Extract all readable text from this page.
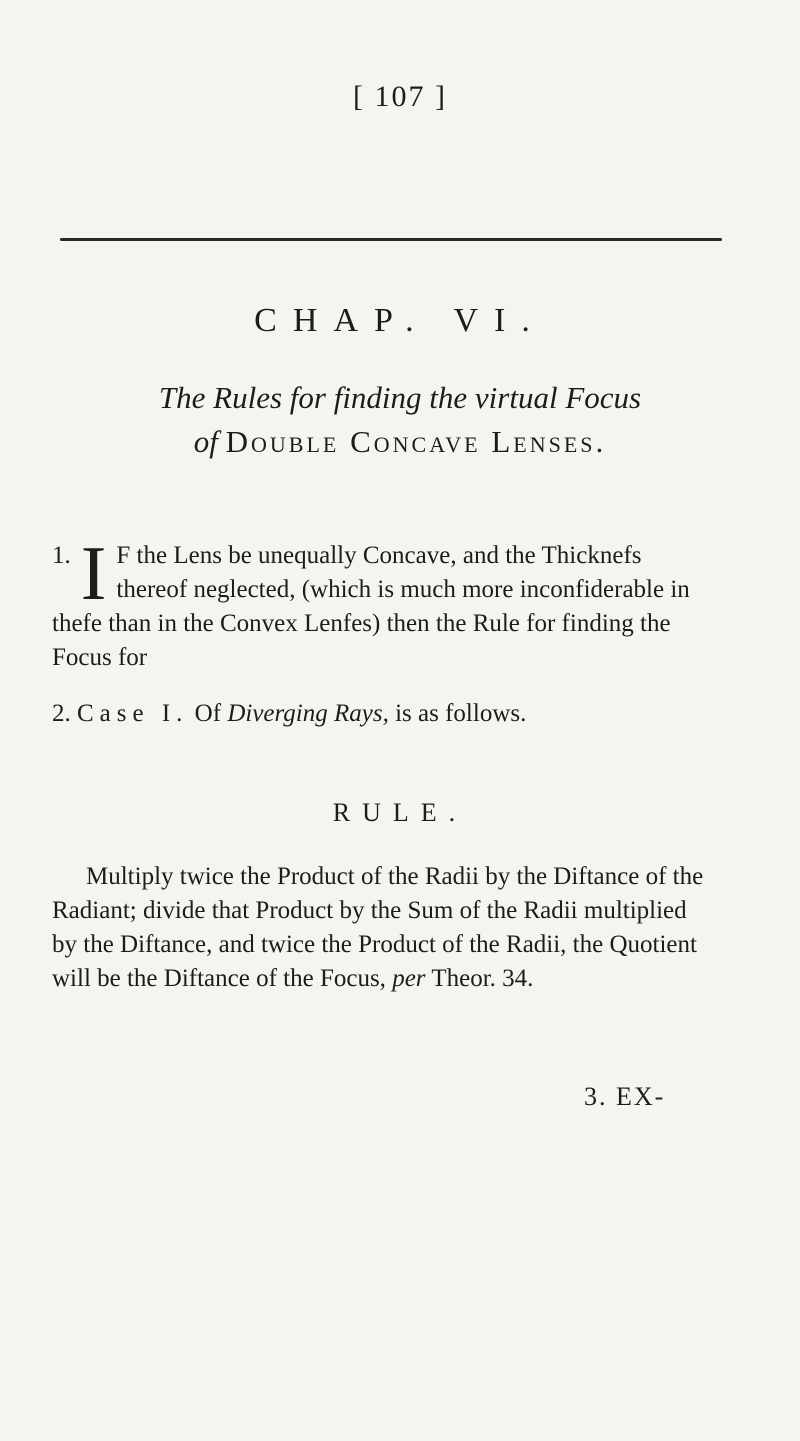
[ 107 ]
CHAP. VI.
The Rules for finding the virtual Focus
of Double Concave Lenses.
1. I F the Lens be unequally Concave, and the Thicknefs thereof neglected, (which is much more inconfiderable in thefe than in the Convex Lenfes) then the Rule for finding the Focus for
2. Case I. Of Diverging Rays, is as follows.
RULE.
Multiply twice the Product of the Radii by the Diftance of the Radiant; divide that Product by the Sum of the Radii multiplied by the Diftance, and twice the Product of the Radii, the Quotient will be the Diftance of the Focus, per Theor. 34.
3. EX-
